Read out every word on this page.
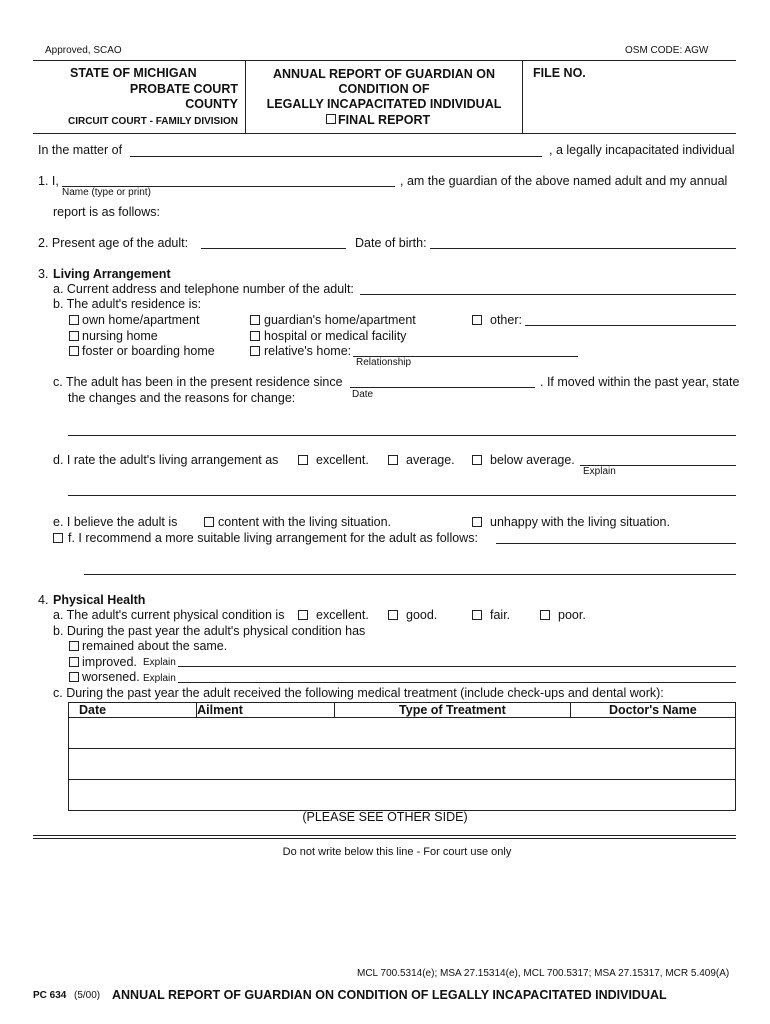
Approved, SCAO	OSM CODE: AGW
STATE OF MICHIGAN
PROBATE COURT
COUNTY
CIRCUIT COURT - FAMILY DIVISION
ANNUAL REPORT OF GUARDIAN ON
CONDITION OF
LEGALLY INCAPACITATED INDIVIDUAL
FINAL REPORT
FILE NO.
In the matter of	, a legally incapacitated individual
1. I,	, am the guardian of the above named adult and my annual
Name (type or print)
report is as follows:
2. Present age of the adult:	Date of birth:
3. Living Arrangement
a. Current address and telephone number of the adult:
b. The adult's residence is:
own home/apartment
nursing home
foster or boarding home
guardian's home/apartment
hospital or medical facility
relative's home:
Relationship
other:
c. The adult has been in the present residence since	. If moved within the past year, state
Date
the changes and the reasons for change:
d. I rate the adult's living arrangement as	excellent.	average.	below average.
Explain
e. I believe the adult is	content with the living situation.	unhappy with the living situation.
f. I recommend a more suitable living arrangement for the adult as follows:
4. Physical Health
a. The adult's current physical condition is	excellent.	good.	fair.	poor.
b. During the past year the adult's physical condition has
remained about the same.
improved. Explain
worsened. Explain
c. During the past year the adult received the following medical treatment (include check-ups and dental work):
Date	Ailment	Type of Treatment	Doctor's Name

(PLEASE SEE OTHER SIDE)
Do not write below this line - For court use only
MCL 700.5314(e); MSA 27.15314(e), MCL 700.5317; MSA 27.15317, MCR 5.409(A)
PC 634 (5/00) ANNUAL REPORT OF GUARDIAN ON CONDITION OF LEGALLY INCAPACITATED INDIVIDUAL
